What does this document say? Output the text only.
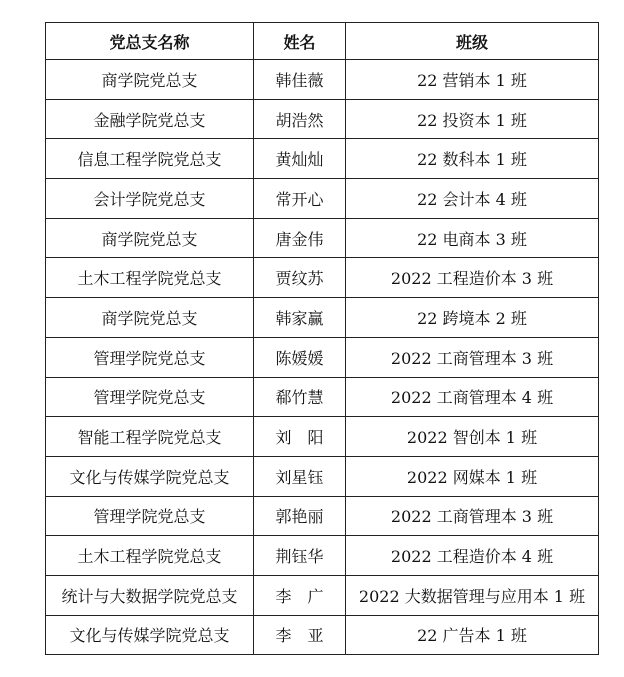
党总支名称	姓名	班级
商学院党总支	韩佳薇	22 营销本 1 班
金融学院党总支	胡浩然	22 投资本 1 班
信息工程学院党总支	黄灿灿	22 数科本 1 班
会计学院党总支	常开心	22 会计本 4 班
商学院党总支	唐金伟	22 电商本 3 班
土木工程学院党总支	贾纹苏	2022 工程造价本 3 班
商学院党总支	韩家赢	22 跨境本 2 班
管理学院党总支	陈媛媛	2022 工商管理本 3 班
管理学院党总支	郗竹慧	2022 工商管理本 4 班
智能工程学院党总支	刘　阳	2022 智创本 1 班
文化与传媒学院党总支	刘星钰	2022 网媒本 1 班
管理学院党总支	郭艳丽	2022 工商管理本 3 班
土木工程学院党总支	荆钰华	2022 工程造价本 4 班
统计与大数据学院党总支	李　广	2022 大数据管理与应用本 1 班
文化与传媒学院党总支	李　亚	22 广告本 1 班
